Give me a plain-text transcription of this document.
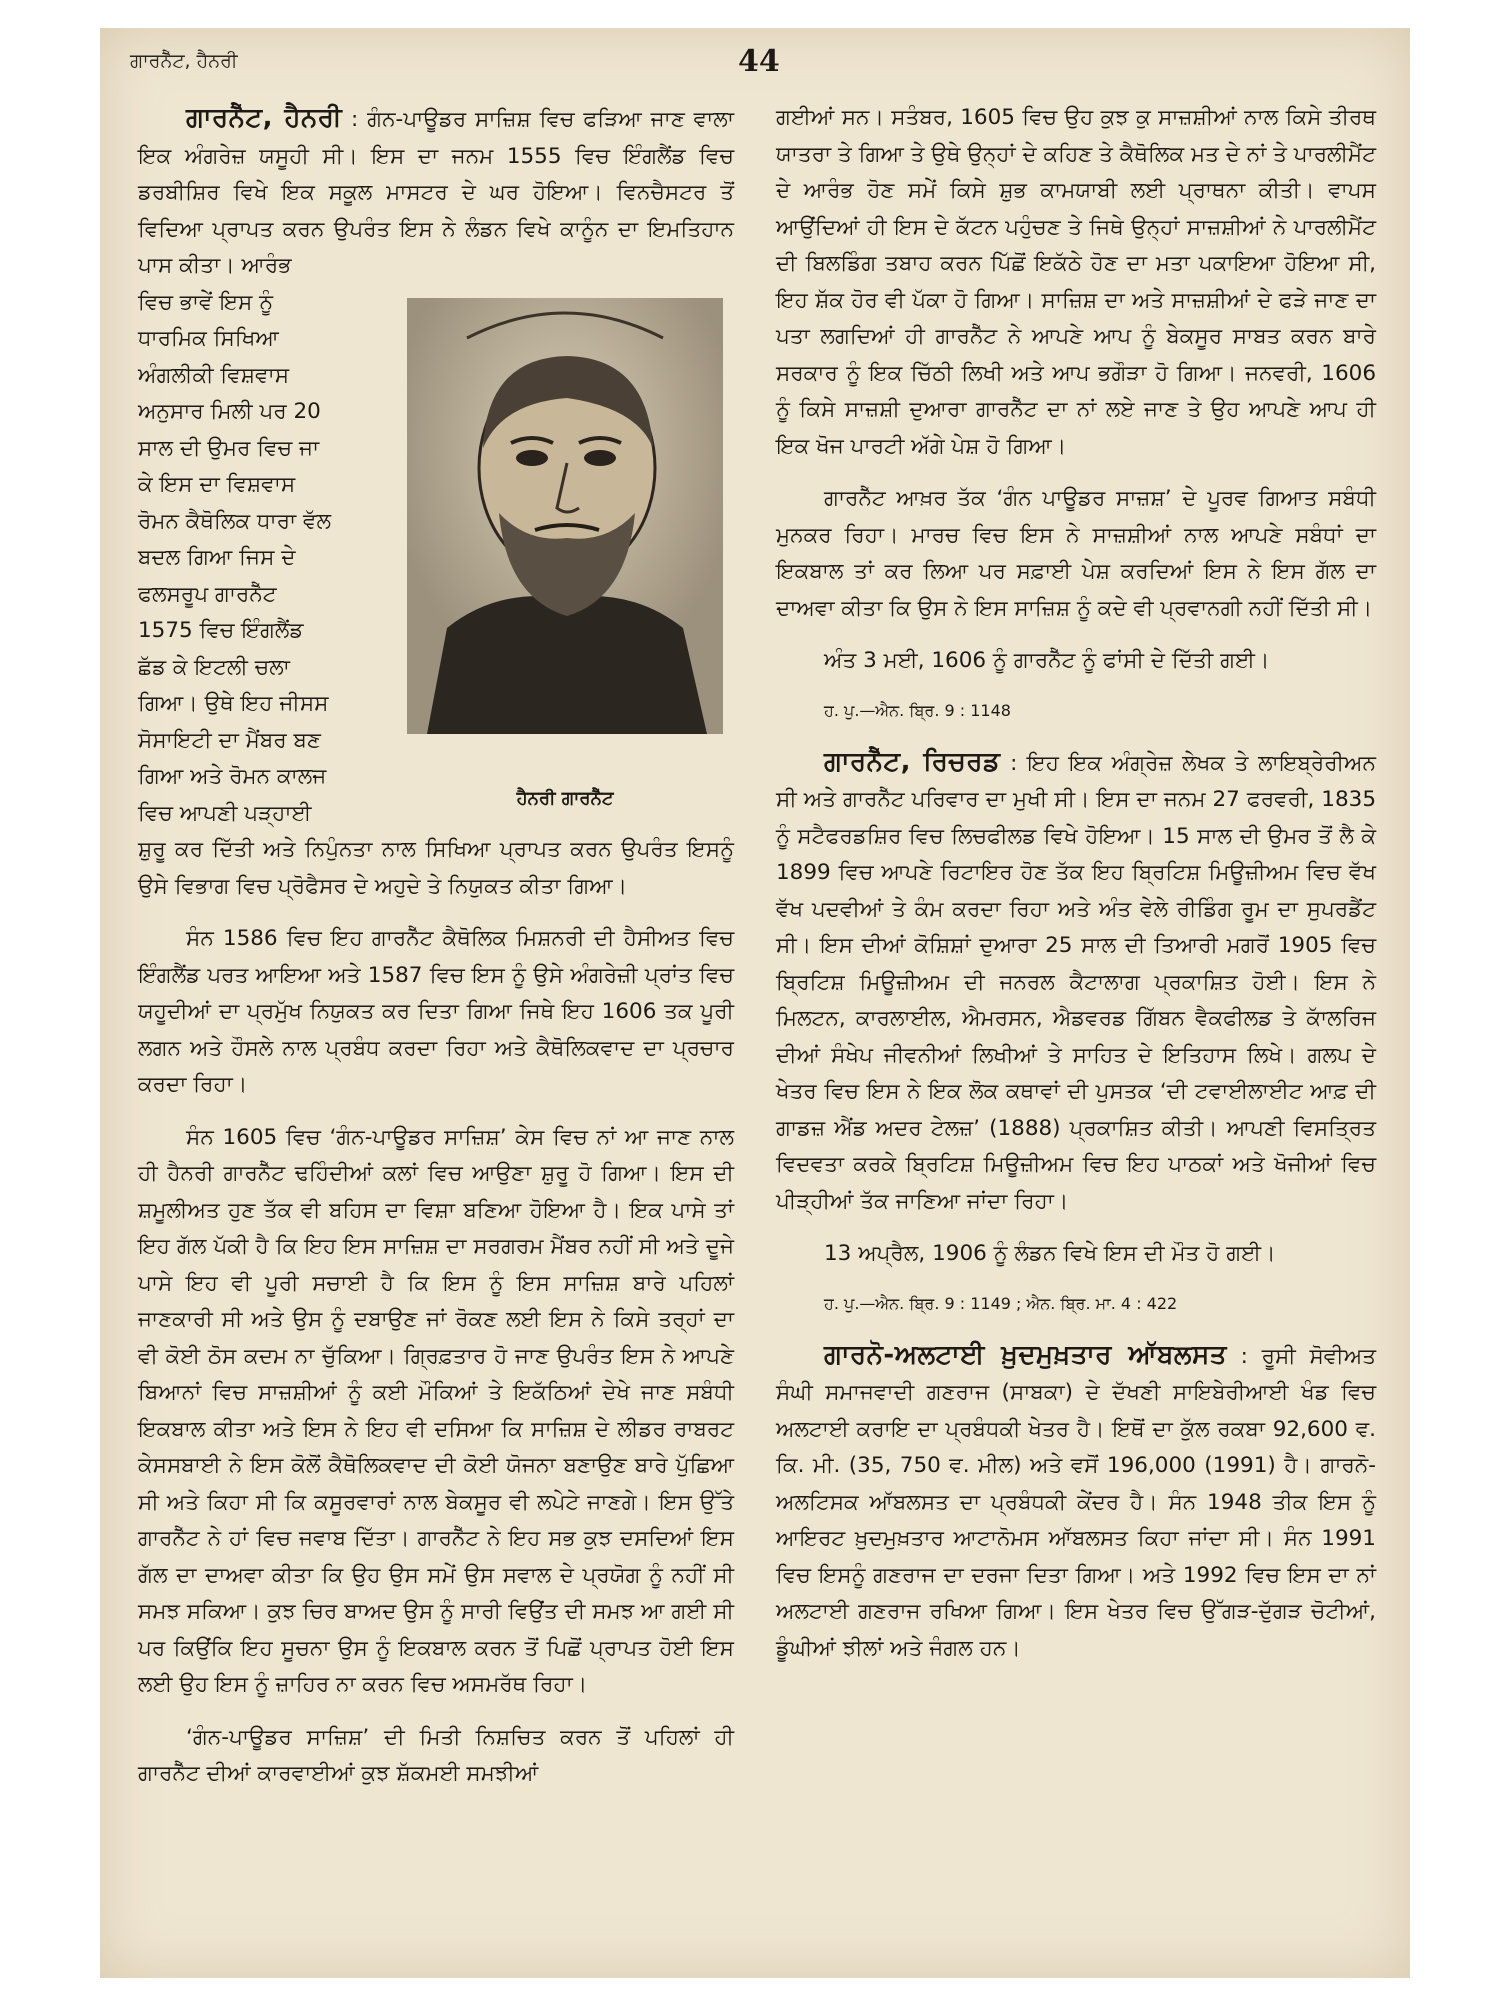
ਗਾਰਨੈੱਟ, ਹੈਨਰੀ	44
ਹੈਨਰੀ ਗਾਰਨੈੱਟ

ਗਾਰਨੈੱਟ, ਹੈਨਰੀ : ਗੰਨ-ਪਾਊਡਰ ਸਾਜ਼ਿਸ਼ ਵਿਚ ਫੜਿਆ ਜਾਣ ਵਾਲਾ ਇਕ ਅੰਗਰੇਜ਼ ਯਸੂਹੀ ਸੀ। ਇਸ ਦਾ ਜਨਮ 1555 ਵਿਚ ਇੰਗਲੈਂਡ ਵਿਚ ਡਰਬੀਸ਼ਿਰ ਵਿਖੇ ਇਕ ਸਕੂਲ ਮਾਸਟਰ ਦੇ ਘਰ ਹੋਇਆ। ਵਿਨਚੈਸਟਰ ਤੋਂ ਵਿਦਿਆ ਪ੍ਰਾਪਤ ਕਰਨ ਉਪਰੰਤ ਇਸ ਨੇ ਲੰਡਨ ਵਿਖੇ ਕਾਨੂੰਨ ਦਾ ਇਮਤਿਹਾਨ ਪਾਸ ਕੀਤਾ। ਆਰੰਭ

ਵਿਚ ਭਾਵੇਂ ਇਸ ਨੂੰ
ਧਾਰਮਿਕ ਸਿਖਿਆ
ਅੰਗਲੀਕੀ ਵਿਸ਼ਵਾਸ
ਅਨੁਸਾਰ ਮਿਲੀ ਪਰ 20
ਸਾਲ ਦੀ ਉਮਰ ਵਿਚ ਜਾ
ਕੇ ਇਸ ਦਾ ਵਿਸ਼ਵਾਸ
ਰੋਮਨ ਕੈਥੋਲਿਕ ਧਾਰਾ ਵੱਲ
ਬਦਲ ਗਿਆ ਜਿਸ ਦੇ
ਫਲਸਰੂਪ ਗਾਰਨੈੱਟ
1575 ਵਿਚ ਇੰਗਲੈਂਡ
ਛੱਡ ਕੇ ਇਟਲੀ ਚਲਾ
ਗਿਆ। ਉਥੇ ਇਹ ਜੀਸਸ
ਸੋਸਾਇਟੀ ਦਾ ਮੈਂਬਰ ਬਣ
ਗਿਆ ਅਤੇ ਰੋਮਨ ਕਾਲਜ
ਵਿਚ ਆਪਣੀ ਪੜ੍ਹਾਈ

ਸ਼ੁਰੂ ਕਰ ਦਿੱਤੀ ਅਤੇ ਨਿਪੁੰਨਤਾ ਨਾਲ ਸਿਖਿਆ ਪ੍ਰਾਪਤ ਕਰਨ ਉਪਰੰਤ ਇਸਨੂੰ ਉਸੇ ਵਿਭਾਗ ਵਿਚ ਪ੍ਰੋਫੈਸਰ ਦੇ ਅਹੁਦੇ ਤੇ ਨਿਯੁਕਤ ਕੀਤਾ ਗਿਆ।

ਸੰਨ 1586 ਵਿਚ ਇਹ ਗਾਰਨੈੱਟ ਕੈਥੋਲਿਕ ਮਿਸ਼ਨਰੀ ਦੀ ਹੈਸੀਅਤ ਵਿਚ ਇੰਗਲੈਂਡ ਪਰਤ ਆਇਆ ਅਤੇ 1587 ਵਿਚ ਇਸ ਨੂੰ ਉਸੇ ਅੰਗਰੇਜ਼ੀ ਪ੍ਰਾਂਤ ਵਿਚ ਯਹੂਦੀਆਂ ਦਾ ਪ੍ਰਮੁੱਖ ਨਿਯੁਕਤ ਕਰ ਦਿਤਾ ਗਿਆ ਜਿਥੇ ਇਹ 1606 ਤਕ ਪੂਰੀ ਲਗਨ ਅਤੇ ਹੌਸਲੇ ਨਾਲ ਪ੍ਰਬੰਧ ਕਰਦਾ ਰਿਹਾ ਅਤੇ ਕੈਥੋਲਿਕਵਾਦ ਦਾ ਪ੍ਰਚਾਰ ਕਰਦਾ ਰਿਹਾ।

ਸੰਨ 1605 ਵਿਚ ‘ਗੰਨ-ਪਾਊਡਰ ਸਾਜ਼ਿਸ਼’ ਕੇਸ ਵਿਚ ਨਾਂ ਆ ਜਾਣ ਨਾਲ ਹੀ ਹੈਨਰੀ ਗਾਰਨੈੱਟ ਢਹਿੰਦੀਆਂ ਕਲਾਂ ਵਿਚ ਆਉਣਾ ਸ਼ੁਰੂ ਹੋ ਗਿਆ। ਇਸ ਦੀ ਸ਼ਮੂਲੀਅਤ ਹੁਣ ਤੱਕ ਵੀ ਬਹਿਸ ਦਾ ਵਿਸ਼ਾ ਬਣਿਆ ਹੋਇਆ ਹੈ। ਇਕ ਪਾਸੇ ਤਾਂ ਇਹ ਗੱਲ ਪੱਕੀ ਹੈ ਕਿ ਇਹ ਇਸ ਸਾਜ਼ਿਸ਼ ਦਾ ਸਰਗਰਮ ਮੈਂਬਰ ਨਹੀਂ ਸੀ ਅਤੇ ਦੂਜੇ ਪਾਸੇ ਇਹ ਵੀ ਪੂਰੀ ਸਚਾਈ ਹੈ ਕਿ ਇਸ ਨੂੰ ਇਸ ਸਾਜ਼ਿਸ਼ ਬਾਰੇ ਪਹਿਲਾਂ ਜਾਣਕਾਰੀ ਸੀ ਅਤੇ ਉਸ ਨੂੰ ਦਬਾਉਣ ਜਾਂ ਰੋਕਣ ਲਈ ਇਸ ਨੇ ਕਿਸੇ ਤਰ੍ਹਾਂ ਦਾ ਵੀ ਕੋਈ ਠੋਸ ਕਦਮ ਨਾ ਚੁੱਕਿਆ। ਗ੍ਰਿਫ਼ਤਾਰ ਹੋ ਜਾਣ ਉਪਰੰਤ ਇਸ ਨੇ ਆਪਣੇ ਬਿਆਨਾਂ ਵਿਚ ਸਾਜ਼ਸ਼ੀਆਂ ਨੂੰ ਕਈ ਮੌਕਿਆਂ ਤੇ ਇਕੱਠਿਆਂ ਦੇਖੇ ਜਾਣ ਸਬੰਧੀ ਇਕਬਾਲ ਕੀਤਾ ਅਤੇ ਇਸ ਨੇ ਇਹ ਵੀ ਦਸਿਆ ਕਿ ਸਾਜ਼ਿਸ਼ ਦੇ ਲੀਡਰ ਰਾਬਰਟ ਕੇਸਸਬਾਈ ਨੇ ਇਸ ਕੋਲੋਂ ਕੈਥੋਲਿਕਵਾਦ ਦੀ ਕੋਈ ਯੋਜਨਾ ਬਣਾਉਣ ਬਾਰੇ ਪੁੱਛਿਆ ਸੀ ਅਤੇ ਕਿਹਾ ਸੀ ਕਿ ਕਸੂਰਵਾਰਾਂ ਨਾਲ ਬੇਕਸੂਰ ਵੀ ਲਪੇਟੇ ਜਾਣਗੇ। ਇਸ ਉੱਤੇ ਗਾਰਨੈੱਟ ਨੇ ਹਾਂ ਵਿਚ ਜਵਾਬ ਦਿੱਤਾ। ਗਾਰਨੈੱਟ ਨੇ ਇਹ ਸਭ ਕੁਝ ਦਸਦਿਆਂ ਇਸ ਗੱਲ ਦਾ ਦਾਅਵਾ ਕੀਤਾ ਕਿ ਉਹ ਉਸ ਸਮੇਂ ਉਸ ਸਵਾਲ ਦੇ ਪ੍ਰਯੋਗ ਨੂੰ ਨਹੀਂ ਸੀ ਸਮਝ ਸਕਿਆ। ਕੁਝ ਚਿਰ ਬਾਅਦ ਉਸ ਨੂੰ ਸਾਰੀ ਵਿਉਂਤ ਦੀ ਸਮਝ ਆ ਗਈ ਸੀ ਪਰ ਕਿਉਂਕਿ ਇਹ ਸੂਚਨਾ ਉਸ ਨੂੰ ਇਕਬਾਲ ਕਰਨ ਤੋਂ ਪਿਛੋਂ ਪ੍ਰਾਪਤ ਹੋਈ ਇਸ ਲਈ ਉਹ ਇਸ ਨੂੰ ਜ਼ਾਹਿਰ ਨਾ ਕਰਨ ਵਿਚ ਅਸਮਰੱਥ ਰਿਹਾ।

‘ਗੰਨ-ਪਾਊਡਰ ਸਾਜ਼ਿਸ਼’ ਦੀ ਮਿਤੀ ਨਿਸ਼ਚਿਤ ਕਰਨ ਤੋਂ ਪਹਿਲਾਂ ਹੀ ਗਾਰਨੈੱਟ ਦੀਆਂ ਕਾਰਵਾਈਆਂ ਕੁਝ ਸ਼ੱਕਮਈ ਸਮਝੀਆਂ

ਗਈਆਂ ਸਨ। ਸਤੰਬਰ, 1605 ਵਿਚ ਉਹ ਕੁਝ ਕੁ ਸਾਜ਼ਸ਼ੀਆਂ ਨਾਲ ਕਿਸੇ ਤੀਰਥ ਯਾਤਰਾ ਤੇ ਗਿਆ ਤੇ ਉਥੇ ਉਨ੍ਹਾਂ ਦੇ ਕਹਿਣ ਤੇ ਕੈਥੋਲਿਕ ਮਤ ਦੇ ਨਾਂ ਤੇ ਪਾਰਲੀਮੈਂਟ ਦੇ ਆਰੰਭ ਹੋਣ ਸਮੇਂ ਕਿਸੇ ਸ਼ੁਭ ਕਾਮਯਾਬੀ ਲਈ ਪ੍ਰਾਥਨਾ ਕੀਤੀ। ਵਾਪਸ ਆਉਂਦਿਆਂ ਹੀ ਇਸ ਦੇ ਕੱਟਨ ਪਹੁੰਚਣ ਤੇ ਜਿਥੇ ਉਨ੍ਹਾਂ ਸਾਜ਼ਸ਼ੀਆਂ ਨੇ ਪਾਰਲੀਮੈਂਟ ਦੀ ਬਿਲਡਿੰਗ ਤਬਾਹ ਕਰਨ ਪਿੱਛੋਂ ਇਕੱਠੇ ਹੋਣ ਦਾ ਮਤਾ ਪਕਾਇਆ ਹੋਇਆ ਸੀ, ਇਹ ਸ਼ੱਕ ਹੋਰ ਵੀ ਪੱਕਾ ਹੋ ਗਿਆ। ਸਾਜ਼ਿਸ਼ ਦਾ ਅਤੇ ਸਾਜ਼ਸ਼ੀਆਂ ਦੇ ਫੜੇ ਜਾਣ ਦਾ ਪਤਾ ਲਗਦਿਆਂ ਹੀ ਗਾਰਨੈੱਟ ਨੇ ਆਪਣੇ ਆਪ ਨੂੰ ਬੇਕਸੂਰ ਸਾਬਤ ਕਰਨ ਬਾਰੇ ਸਰਕਾਰ ਨੂੰ ਇਕ ਚਿੱਠੀ ਲਿਖੀ ਅਤੇ ਆਪ ਭਗੌੜਾ ਹੋ ਗਿਆ। ਜਨਵਰੀ, 1606 ਨੂੰ ਕਿਸੇ ਸਾਜ਼ਸ਼ੀ ਦੁਆਰਾ ਗਾਰਨੈੱਟ ਦਾ ਨਾਂ ਲਏ ਜਾਣ ਤੇ ਉਹ ਆਪਣੇ ਆਪ ਹੀ ਇਕ ਖੋਜ ਪਾਰਟੀ ਅੱਗੇ ਪੇਸ਼ ਹੋ ਗਿਆ।

ਗਾਰਨੈੱਟ ਆਖ਼ਰ ਤੱਕ ‘ਗੰਨ ਪਾਊਡਰ ਸਾਜ਼ਸ਼’ ਦੇ ਪੂਰਵ ਗਿਆਤ ਸਬੰਧੀ ਮੁਨਕਰ ਰਿਹਾ। ਮਾਰਚ ਵਿਚ ਇਸ ਨੇ ਸਾਜ਼ਸ਼ੀਆਂ ਨਾਲ ਆਪਣੇ ਸਬੰਧਾਂ ਦਾ ਇਕਬਾਲ ਤਾਂ ਕਰ ਲਿਆ ਪਰ ਸਫ਼ਾਈ ਪੇਸ਼ ਕਰਦਿਆਂ ਇਸ ਨੇ ਇਸ ਗੱਲ ਦਾ ਦਾਅਵਾ ਕੀਤਾ ਕਿ ਉਸ ਨੇ ਇਸ ਸਾਜ਼ਿਸ਼ ਨੂੰ ਕਦੇ ਵੀ ਪ੍ਰਵਾਨਗੀ ਨਹੀਂ ਦਿੱਤੀ ਸੀ।

ਅੰਤ 3 ਮਈ, 1606 ਨੂੰ ਗਾਰਨੈੱਟ ਨੂੰ ਫਾਂਸੀ ਦੇ ਦਿੱਤੀ ਗਈ।

ਹ. ਪੁ.—ਐਨ. ਬ੍ਰਿ. 9 : 1148

ਗਾਰਨੈੱਟ, ਰਿਚਰਡ : ਇਹ ਇਕ ਅੰਗ੍ਰੇਜ਼ ਲੇਖਕ ਤੇ ਲਾਇਬ੍ਰੇਰੀਅਨ ਸੀ ਅਤੇ ਗਾਰਨੈੱਟ ਪਰਿਵਾਰ ਦਾ ਮੁਖੀ ਸੀ। ਇਸ ਦਾ ਜਨਮ 27 ਫਰਵਰੀ, 1835 ਨੂੰ ਸਟੈਫਰਡਸ਼ਿਰ ਵਿਚ ਲਿਚਫੀਲਡ ਵਿਖੇ ਹੋਇਆ। 15 ਸਾਲ ਦੀ ਉਮਰ ਤੋਂ ਲੈ ਕੇ 1899 ਵਿਚ ਆਪਣੇ ਰਿਟਾਇਰ ਹੋਣ ਤੱਕ ਇਹ ਬ੍ਰਿਟਿਸ਼ ਮਿਊਜ਼ੀਅਮ ਵਿਚ ਵੱਖ ਵੱਖ ਪਦਵੀਆਂ ਤੇ ਕੰਮ ਕਰਦਾ ਰਿਹਾ ਅਤੇ ਅੰਤ ਵੇਲੇ ਰੀਡਿੰਗ ਰੂਮ ਦਾ ਸੁਪਰਡੈਂਟ ਸੀ। ਇਸ ਦੀਆਂ ਕੋਸ਼ਿਸ਼ਾਂ ਦੁਆਰਾ 25 ਸਾਲ ਦੀ ਤਿਆਰੀ ਮਗਰੋਂ 1905 ਵਿਚ ਬ੍ਰਿਟਿਸ਼ ਮਿਊਜ਼ੀਅਮ ਦੀ ਜਨਰਲ ਕੈਟਾਲਾਗ ਪ੍ਰਕਾਸ਼ਿਤ ਹੋਈ। ਇਸ ਨੇ ਮਿਲਟਨ, ਕਾਰਲਾਈਲ, ਐਮਰਸਨ, ਐਡਵਰਡ ਗਿੱਬਨ ਵੈਕਫੀਲਡ ਤੇ ਕਾੱਲਰਿਜ ਦੀਆਂ ਸੰਖੇਪ ਜੀਵਨੀਆਂ ਲਿਖੀਆਂ ਤੇ ਸਾਹਿਤ ਦੇ ਇਤਿਹਾਸ ਲਿਖੇ। ਗਲਪ ਦੇ ਖੇਤਰ ਵਿਚ ਇਸ ਨੇ ਇਕ ਲੋਕ ਕਥਾਵਾਂ ਦੀ ਪੁਸਤਕ ‘ਦੀ ਟਵਾਈਲਾਈਟ ਆਫ਼ ਦੀ ਗਾਡਜ਼ ਐਂਡ ਅਦਰ ਟੇਲਜ਼’ (1888) ਪ੍ਰਕਾਸ਼ਿਤ ਕੀਤੀ। ਆਪਣੀ ਵਿਸਤ੍ਰਿਤ ਵਿਦਵਤਾ ਕਰਕੇ ਬ੍ਰਿਟਿਸ਼ ਮਿਊਜ਼ੀਅਮ ਵਿਚ ਇਹ ਪਾਠਕਾਂ ਅਤੇ ਖੋਜੀਆਂ ਵਿਚ ਪੀੜ੍ਹੀਆਂ ਤੱਕ ਜਾਣਿਆ ਜਾਂਦਾ ਰਿਹਾ।

13 ਅਪ੍ਰੈਲ, 1906 ਨੂੰ ਲੰਡਨ ਵਿਖੇ ਇਸ ਦੀ ਮੌਤ ਹੋ ਗਈ।

ਹ. ਪੁ.—ਐਨ. ਬ੍ਰਿ. 9 : 1149 ; ਐਨ. ਬ੍ਰਿ. ਮਾ. 4 : 422

ਗਾਰਨੋ-ਅਲਟਾਈ ਖ਼ੁਦਮੁਖ਼ਤਾਰ ਆੱਬਲਸਤ : ਰੂਸੀ ਸੋਵੀਅਤ ਸੰਘੀ ਸਮਾਜਵਾਦੀ ਗਣਰਾਜ (ਸਾਬਕਾ) ਦੇ ਦੱਖਣੀ ਸਾਇਬੇਰੀਆਈ ਖੰਡ ਵਿਚ ਅਲਟਾਈ ਕਰਾਇ ਦਾ ਪ੍ਰਬੰਧਕੀ ਖੇਤਰ ਹੈ। ਇਥੋਂ ਦਾ ਕੁੱਲ ਰਕਬਾ 92,600 ਵ. ਕਿ. ਮੀ. (35, 750 ਵ. ਮੀਲ) ਅਤੇ ਵਸੋਂ 196,000 (1991) ਹੈ। ਗਾਰਨੋ-ਅਲਟਿਸਕ ਆੱਬਲਸਤ ਦਾ ਪ੍ਰਬੰਧਕੀ ਕੇਂਦਰ ਹੈ। ਸੰਨ 1948 ਤੀਕ ਇਸ ਨੂੰ ਆਇਰਟ ਖ਼ੁਦਮੁਖ਼ਤਾਰ ਆਟਾਨੋਮਸ ਆੱਬਲਸਤ ਕਿਹਾ ਜਾਂਦਾ ਸੀ। ਸੰਨ 1991 ਵਿਚ ਇਸਨੂੰ ਗਣਰਾਜ ਦਾ ਦਰਜਾ ਦਿਤਾ ਗਿਆ। ਅਤੇ 1992 ਵਿਚ ਇਸ ਦਾ ਨਾਂ ਅਲਟਾਈ ਗਣਰਾਜ ਰਖਿਆ ਗਿਆ। ਇਸ ਖੇਤਰ ਵਿਚ ਉੱਗੜ-ਦੁੱਗੜ ਚੋਟੀਆਂ, ਡੂੰਘੀਆਂ ਝੀਲਾਂ ਅਤੇ ਜੰਗਲ ਹਨ।
